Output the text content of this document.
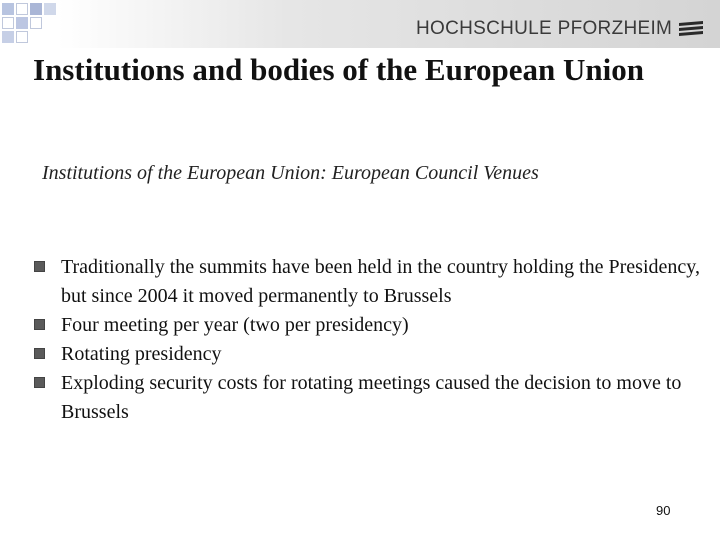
HOCHSCHULE PFORZHEIM
Institutions and bodies of the European Union

Institutions of the European Union: European Council Venues

Traditionally the summits have been held in the country holding the Presidency, but since 2004 it moved permanently to Brussels
Four meeting per year (two per presidency)
Rotating presidency
Exploding security costs for rotating meetings caused the decision to move to Brussels
90
